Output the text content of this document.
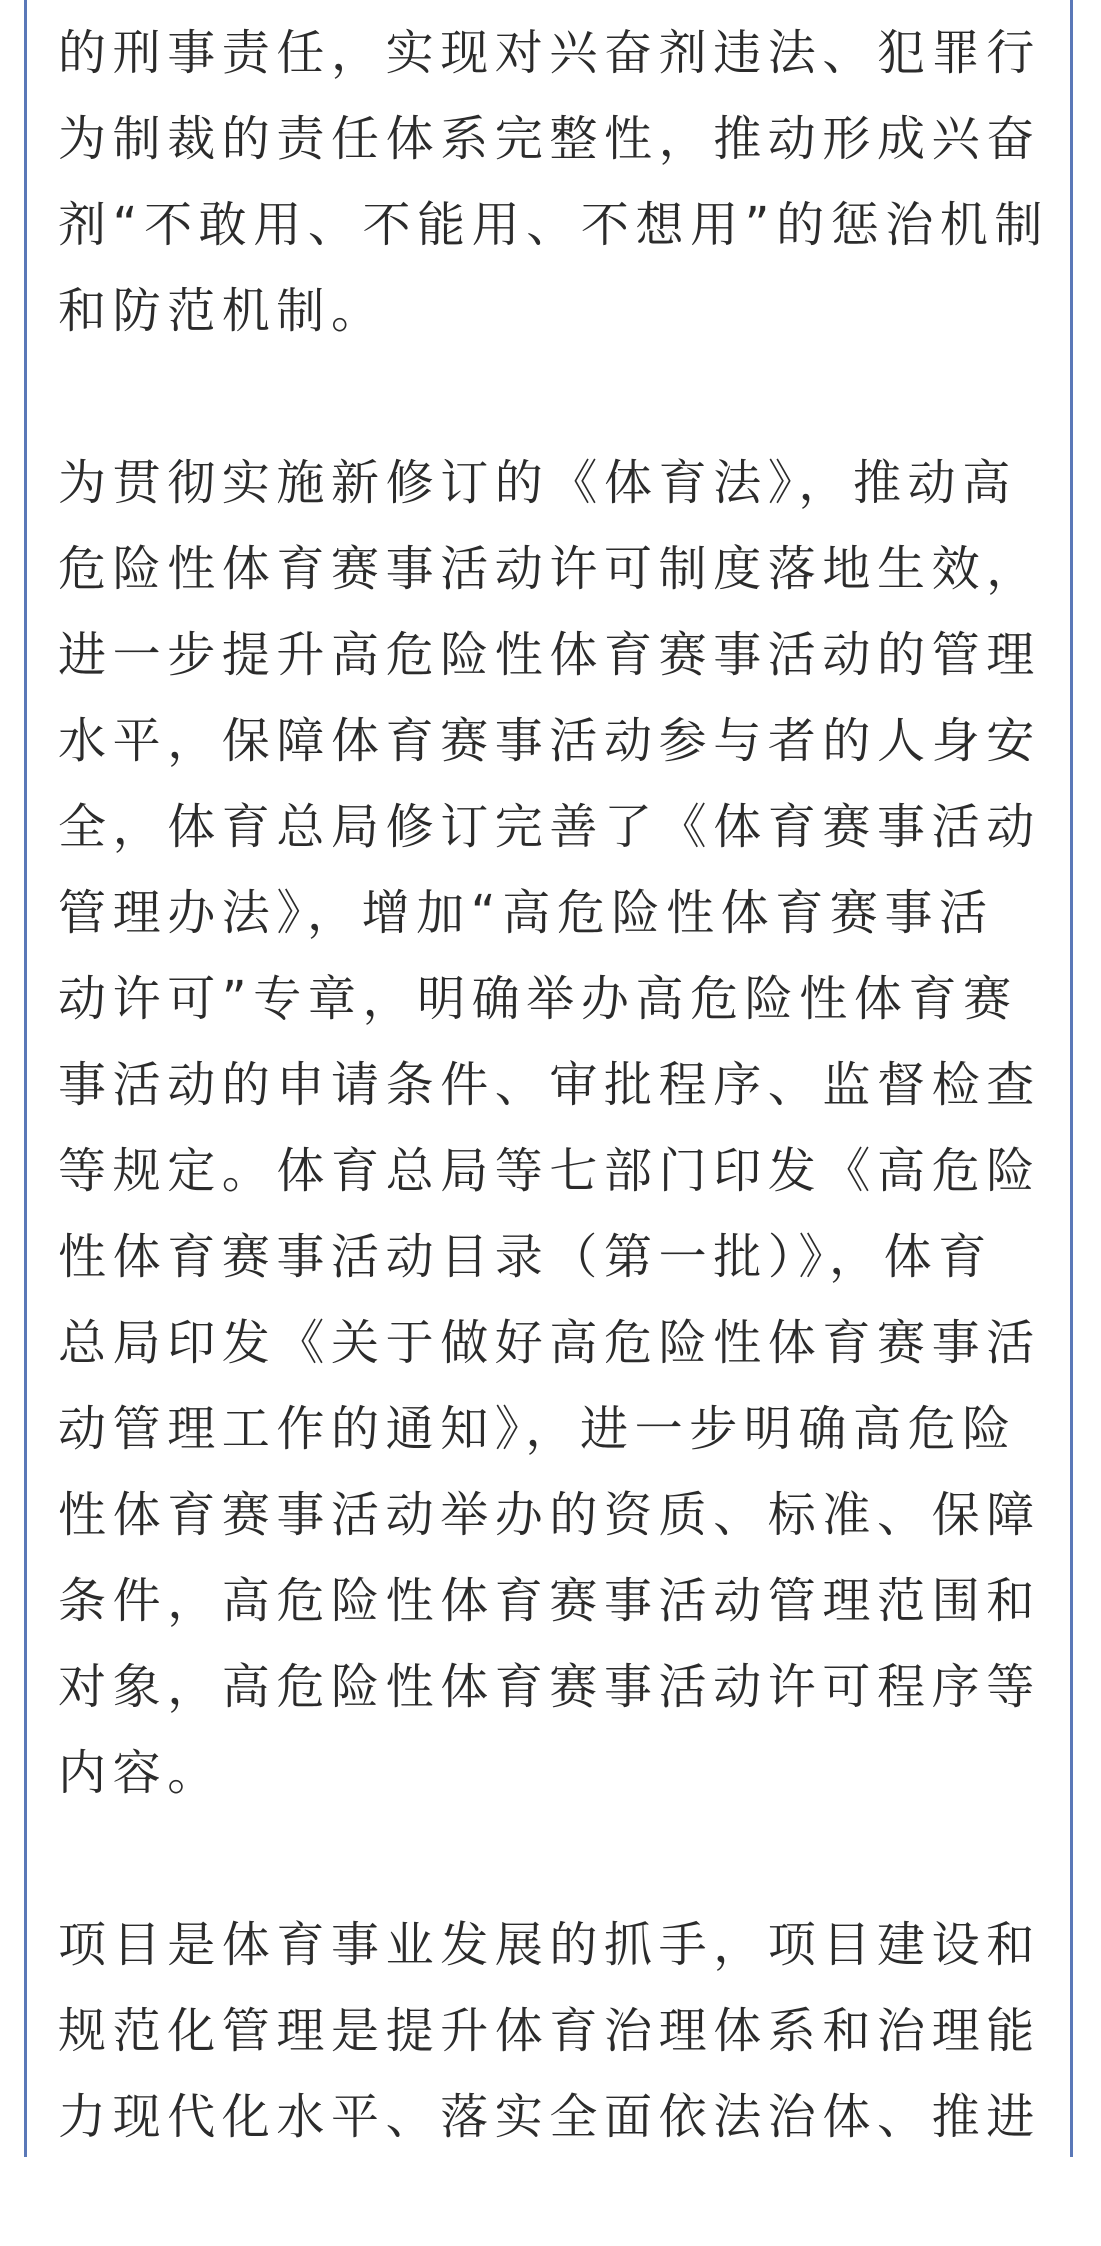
的刑事责任，实现对兴奋剂违法、犯罪行
为制裁的责任体系完整性，推动形成兴奋
剂“不敢用、不能用、不想用”的惩治机制
和防范机制。

为贯彻实施新修订的《体育法》，推动高
危险性体育赛事活动许可制度落地生效，
进一步提升高危险性体育赛事活动的管理
水平，保障体育赛事活动参与者的人身安
全，体育总局修订完善了《体育赛事活动
管理办法》，增加“高危险性体育赛事活
动许可”专章，明确举办高危险性体育赛
事活动的申请条件、审批程序、监督检查
等规定。体育总局等七部门印发《高危险
性体育赛事活动目录（第一批）》，体育
总局印发《关于做好高危险性体育赛事活
动管理工作的通知》，进一步明确高危险
性体育赛事活动举办的资质、标准、保障
条件，高危险性体育赛事活动管理范围和
对象，高危险性体育赛事活动许可程序等
内容。

项目是体育事业发展的抓手，项目建设和
规范化管理是提升体育治理体系和治理能
力现代化水平、落实全面依法治体、推进
